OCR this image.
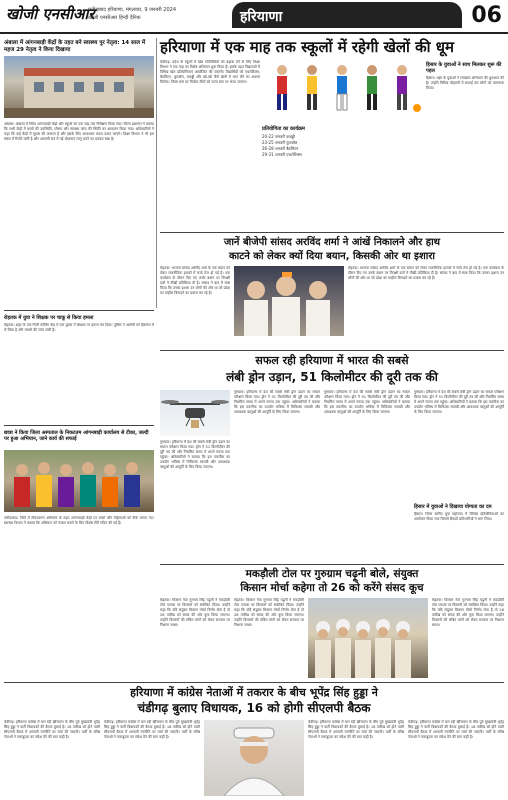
खोजी एनसीआर
फरीदाबाद हरियाणा, मंगलवार, 9 जनवरी 2024
खोजी एनसीआर हिन्दी दैनिक	हरियाणा	06
अंबाला में आंगनबाड़ी केंद्रों के तहत बने स्वास्थ्य पुर नेतृत्व: 14 साल में महज 29 नेतृत्व ने किया दिखाया
अंबाला। अंबाला में स्थित आंगनबाड़ी केंद्रों और स्कूलों का एक माह तक निरीक्षण किया गया। जिला प्रशासन ने बताया कि सभी केंद्रों में बच्चों की उपस्थिति, पोषण और स्वास्थ्य जांच की स्थिति का आकलन किया गया। अधिकारियों ने कहा कि कई केंद्रों में सुधार की जरूरत है और इसके लिए आवश्यक कदम उठाए जाएंगे। शिक्षा विभाग ने भी इस संबंध में रिपोर्ट मांगी है और आगामी सत्र में नई योजनाएं लागू करने का प्रस्ताव रखा है।
हरियाणा में एक माह तक स्कूलों में रहेगी खेलों की धूम
चंडीगढ़। प्रदेश के स्कूलों में खेल गतिविधियों को बढ़ावा देने के लिए शिक्षा विभाग ने एक माह का विशेष अभियान शुरू किया है। इसके तहत विद्यालयों में विभिन्न खेल प्रतियोगिताएं आयोजित की जाएंगी। विद्यार्थियों को एथलेटिक्स, बैडमिंटन, फुटबॉल, कबड्डी और खो-खो जैसे खेलों में भाग लेने का अवसर मिलेगा। जिला स्तर पर विजेता टीमों को राज्य स्तर पर भेजा जाएगा।
प्रतियोगिता का कार्यक्रम
20-22 जनवरी कबड्डी
23-25 जनवरी फुटबॉल
26-28 जनवरी बैडमिंटन
29-31 जनवरी एथलेटिक्स
हिसार के युवाओं ने साथ मिलकर शुरू की पहल
हिसार। शहर के युवाओं ने स्वच्छता अभियान की शुरुआत की है। उन्होंने विभिन्न मोहल्लों में सफाई कर लोगों को जागरूक किया।
जानें बीजेपी सांसद अरविंद शर्मा ने आंखें निकालने और हाथ
काटने को लेकर क्यों दिया बयान, किसकी ओर था इशारा
रोहतक। भाजपा सांसद अरविंद शर्मा के एक बयान को लेकर राजनीतिक हलकों में चर्चा तेज हो गई है। एक कार्यक्रम के दौरान दिए गए उनके बयान पर विपक्षी दलों ने तीखी प्रतिक्रिया दी है। सांसद ने बाद में स्पष्ट किया कि उनका इशारा उन लोगों की ओर था जो प्रदेश का माहौल बिगाड़ने का प्रयास कर रहे हैं।
रोहतक। भाजपा सांसद अरविंद शर्मा के एक बयान को लेकर राजनीतिक हलकों में चर्चा तेज हो गई है। एक कार्यक्रम के दौरान दिए गए उनके बयान पर विपक्षी दलों ने तीखी प्रतिक्रिया दी है। सांसद ने बाद में स्पष्ट किया कि उनका इशारा उन लोगों की ओर था जो प्रदेश का माहौल बिगाड़ने का प्रयास कर रहे हैं।
रोहतक में युवा ने शिक्षक पर चाकू से किया हमला
रोहतक। शहर के एक निजी कोचिंग केंद्र में एक युवक ने शिक्षक पर हमला कर दिया। पुलिस ने आरोपी को हिरासत में ले लिया है और मामले की जांच जारी है।
सफल रही हरियाणा में भारत की सबसे
लंबी ड्रोन उड़ान, 51 किलोमीटर की दूरी तक की
गुरुग्राम। हरियाणा में देश की सबसे लंबी ड्रोन उड़ान का सफल परीक्षण किया गया। ड्रोन ने 51 किलोमीटर की दूरी तय की और निर्धारित समय में अपने गंतव्य तक पहुंचा। अधिकारियों ने बताया कि इस तकनीक का उपयोग भविष्य में चिकित्सा सामग्री और आवश्यक वस्तुओं की आपूर्ति के लिए किया जाएगा।
गुरुग्राम। हरियाणा में देश की सबसे लंबी ड्रोन उड़ान का सफल परीक्षण किया गया। ड्रोन ने 51 किलोमीटर की दूरी तय की और निर्धारित समय में अपने गंतव्य तक पहुंचा। अधिकारियों ने बताया कि इस तकनीक का उपयोग भविष्य में चिकित्सा सामग्री और आवश्यक वस्तुओं की आपूर्ति के लिए किया जाएगा।
गुरुग्राम। हरियाणा में देश की सबसे लंबी ड्रोन उड़ान का सफल परीक्षण किया गया। ड्रोन ने 51 किलोमीटर की दूरी तय की और निर्धारित समय में अपने गंतव्य तक पहुंचा। अधिकारियों ने बताया कि इस तकनीक का उपयोग भविष्य में चिकित्सा सामग्री और आवश्यक वस्तुओं की आपूर्ति के लिए किया जाएगा।
गुरुग्राम। हरियाणा में देश की सबसे लंबी ड्रोन उड़ान का सफल परीक्षण किया गया। ड्रोन ने 51 किलोमीटर की दूरी तय की और निर्धारित समय में अपने गंतव्य तक पहुंचा। अधिकारियों ने बताया कि इस तकनीक का उपयोग भविष्य में चिकित्सा सामग्री और आवश्यक वस्तुओं की आपूर्ति के लिए किया जाएगा।
हिसार में युवाओं ने दिखाया योग्यता का दम
हिसार। जिला स्तरीय युवा महोत्सव में विभिन्न प्रतियोगिताओं का आयोजन किया गया जिसमें सैकड़ों प्रतिभागियों ने भाग लिया।
छात्रा ने किया जिला अस्पताल के निकटतम आंगनबाड़ी कार्यालय से टीका, जल्दी पर हुआ अभियान, जाने कार्य की सफाई
फरीदाबाद। जिले में टीकाकरण अभियान के तहत आंगनबाड़ी केंद्रों पर बच्चों और महिलाओं को टीके लगाए गए। स्वास्थ्य विभाग ने बताया कि अभियान को सफल बनाने के लिए विशेष टीमें गठित की गई हैं।
मकड़ौली टोल पर गुरुग्राम चढ़ूनी बोले, संयुक्त
किसान मोर्चा कहेगा तो 26 को करेंगे संसद कूच
रोहतक। किसान नेता गुरनाम सिंह चढ़ूनी ने मकड़ौली टोल प्लाजा पर किसानों को संबोधित किया। उन्होंने कहा कि यदि संयुक्त किसान मोर्चा निर्णय लेता है तो 26 तारीख को संसद की ओर कूच किया जाएगा। उन्होंने किसानों की लंबित मांगों को लेकर सरकार पर निशाना साधा।
रोहतक। किसान नेता गुरनाम सिंह चढ़ूनी ने मकड़ौली टोल प्लाजा पर किसानों को संबोधित किया। उन्होंने कहा कि यदि संयुक्त किसान मोर्चा निर्णय लेता है तो 26 तारीख को संसद की ओर कूच किया जाएगा। उन्होंने किसानों की लंबित मांगों को लेकर सरकार पर निशाना साधा।
रोहतक। किसान नेता गुरनाम सिंह चढ़ूनी ने मकड़ौली टोल प्लाजा पर किसानों को संबोधित किया। उन्होंने कहा कि यदि संयुक्त किसान मोर्चा निर्णय लेता है तो 26 तारीख को संसद की ओर कूच किया जाएगा। उन्होंने किसानों की लंबित मांगों को लेकर सरकार पर निशाना साधा।
हरियाणा में कांग्रेस नेताओं में तकरार के बीच भूपेंद्र सिंह हुड्डा ने
चंडीगढ़ बुलाए विधायक, 16 को होगी सीएलपी बैठक
चंडीगढ़। हरियाणा कांग्रेस में चल रही खींचतान के बीच पूर्व मुख्यमंत्री भूपेंद्र सिंह हुड्डा ने पार्टी विधायकों की बैठक बुलाई है। 16 तारीख को होने वाली सीएलपी बैठक में आगामी रणनीति पर चर्चा की जाएगी। पार्टी के वरिष्ठ नेताओं ने एकजुटता का संदेश देने की बात कही है।
चंडीगढ़। हरियाणा कांग्रेस में चल रही खींचतान के बीच पूर्व मुख्यमंत्री भूपेंद्र सिंह हुड्डा ने पार्टी विधायकों की बैठक बुलाई है। 16 तारीख को होने वाली सीएलपी बैठक में आगामी रणनीति पर चर्चा की जाएगी। पार्टी के वरिष्ठ नेताओं ने एकजुटता का संदेश देने की बात कही है।
चंडीगढ़। हरियाणा कांग्रेस में चल रही खींचतान के बीच पूर्व मुख्यमंत्री भूपेंद्र सिंह हुड्डा ने पार्टी विधायकों की बैठक बुलाई है। 16 तारीख को होने वाली सीएलपी बैठक में आगामी रणनीति पर चर्चा की जाएगी। पार्टी के वरिष्ठ नेताओं ने एकजुटता का संदेश देने की बात कही है।
चंडीगढ़। हरियाणा कांग्रेस में चल रही खींचतान के बीच पूर्व मुख्यमंत्री भूपेंद्र सिंह हुड्डा ने पार्टी विधायकों की बैठक बुलाई है। 16 तारीख को होने वाली सीएलपी बैठक में आगामी रणनीति पर चर्चा की जाएगी। पार्टी के वरिष्ठ नेताओं ने एकजुटता का संदेश देने की बात कही है।
